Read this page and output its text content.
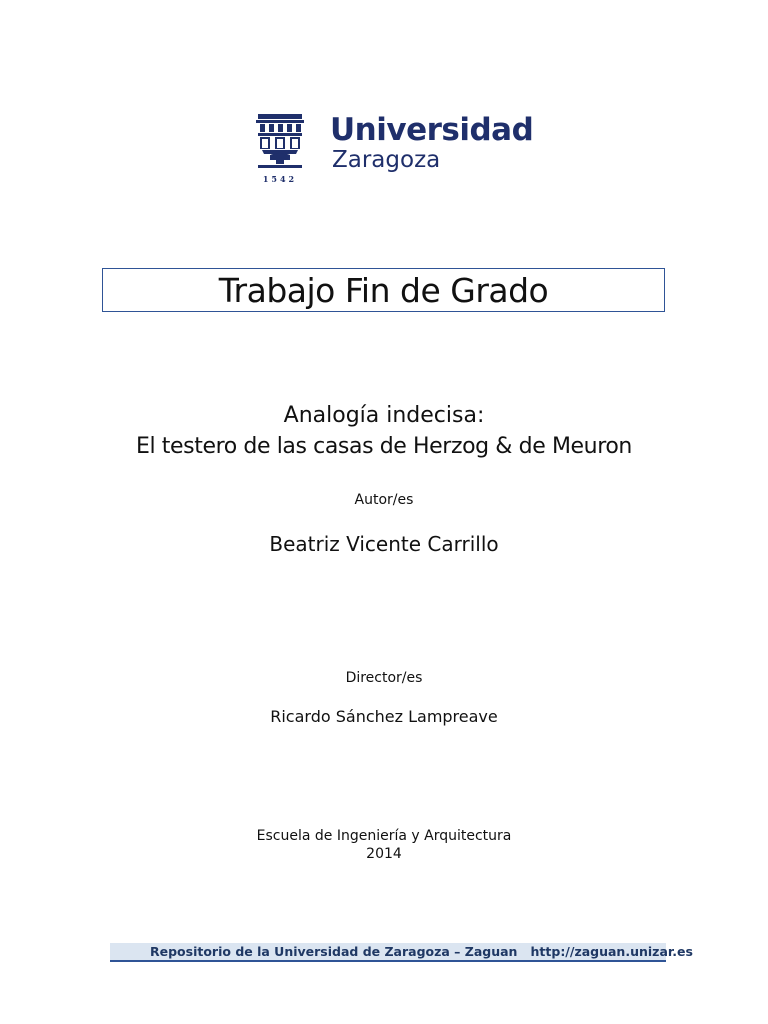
1542
Universidad
Zaragoza
Trabajo Fin de Grado
Analogía indecisa:
El testero de las casas de Herzog & de Meuron
Autor/es
Beatriz Vicente Carrillo
Director/es
Ricardo Sánchez Lampreave
Escuela de Ingeniería y Arquitectura
2014
Repositorio de la Universidad de Zaragoza – Zaguan http://zaguan.unizar.es
